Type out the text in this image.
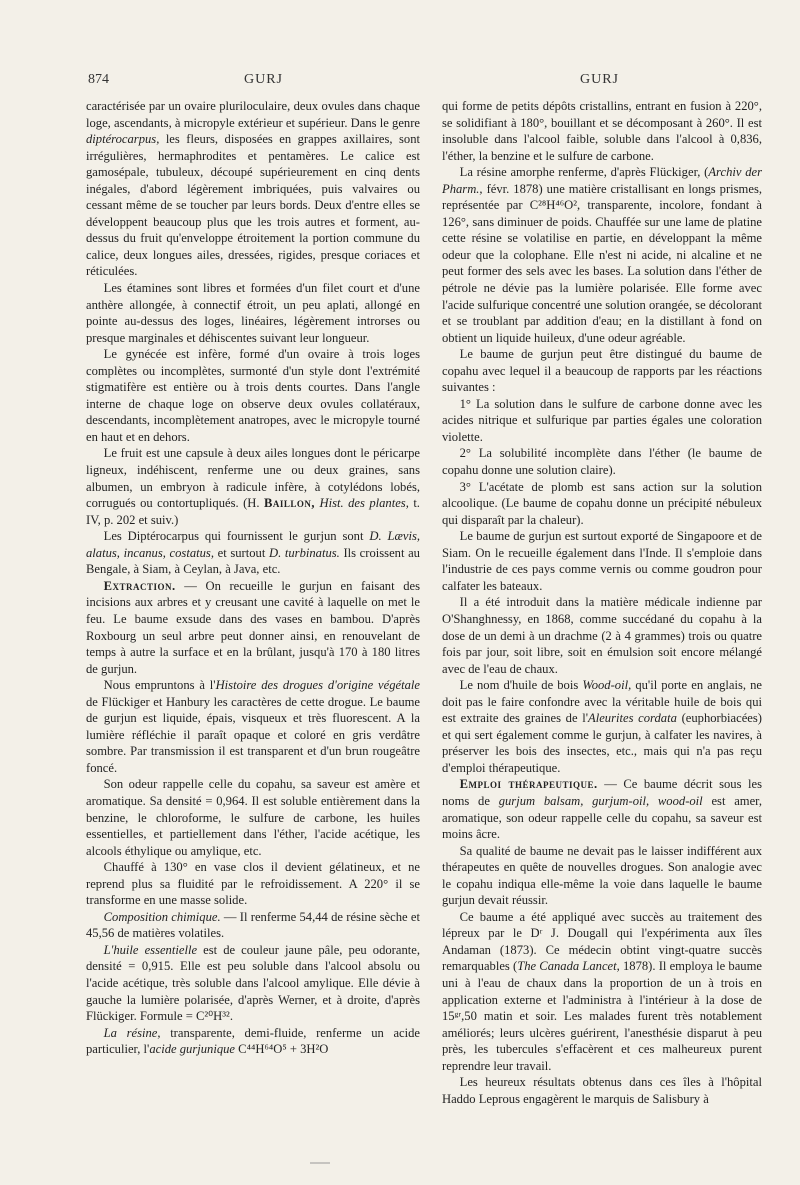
874	GURJ	GURJ

caractérisée par un ovaire pluriloculaire, deux ovules dans chaque loge, ascendants, à micropyle extérieur et supérieur. Dans le genre diptérocarpus, les fleurs, disposées en grappes axillaires, sont irrégulières, hermaphrodites et pentamères. Le calice est gamosépale, tubuleux, découpé supérieurement en cinq dents inégales, d'abord légèrement imbriquées, puis valvaires ou cessant même de se toucher par leurs bords. Deux d'entre elles se développent beaucoup plus que les trois autres et forment, au-dessus du fruit qu'enveloppe étroitement la portion commune du calice, deux longues ailes, dressées, rigides, presque coriaces et réticulées.

Les étamines sont libres et formées d'un filet court et d'une anthère allongée, à connectif étroit, un peu aplati, allongé en pointe au-dessus des loges, linéaires, légèrement introrses ou presque marginales et déhiscentes suivant leur longueur.

Le gynécée est infère, formé d'un ovaire à trois loges complètes ou incomplètes, surmonté d'un style dont l'extrémité stigmatifère est entière ou à trois dents courtes. Dans l'angle interne de chaque loge on observe deux ovules collatéraux, descendants, incomplètement anatropes, avec le micropyle tourné en haut et en dehors.

Le fruit est une capsule à deux ailes longues dont le péricarpe ligneux, indéhiscent, renferme une ou deux graines, sans albumen, un embryon à radicule infère, à cotylédons lobés, corrugués ou contortupliqués. (H. Baillon, Hist. des plantes, t. IV, p. 202 et suiv.)

Les Diptérocarpus qui fournissent le gurjun sont D. Lævis, alatus, incanus, costatus, et surtout D. turbinatus. Ils croissent au Bengale, à Siam, à Ceylan, à Java, etc.

Extraction. — On recueille le gurjun en faisant des incisions aux arbres et y creusant une cavité à laquelle on met le feu. Le baume exsude dans des vases en bambou. D'après Roxbourg un seul arbre peut donner ainsi, en renouvelant de temps à autre la surface et en la brûlant, jusqu'à 170 à 180 litres de gurjun.

Nous empruntons à l'Histoire des drogues d'origine végétale de Flückiger et Hanbury les caractères de cette drogue. Le baume de gurjun est liquide, épais, visqueux et très fluorescent. A la lumière réfléchie il paraît opaque et coloré en gris verdâtre sombre. Par transmission il est transparent et d'un brun rougeâtre foncé.

Son odeur rappelle celle du copahu, sa saveur est amère et aromatique. Sa densité = 0,964. Il est soluble entièrement dans la benzine, le chloroforme, le sulfure de carbone, les huiles essentielles, et partiellement dans l'éther, l'acide acétique, les alcools éthylique ou amylique, etc.

Chauffé à 130° en vase clos il devient gélatineux, et ne reprend plus sa fluidité par le refroidissement. A 220° il se transforme en une masse solide.

Composition chimique. — Il renferme 54,44 de résine sèche et 45,56 de matières volatiles.

L'huile essentielle est de couleur jaune pâle, peu odorante, densité = 0,915. Elle est peu soluble dans l'alcool absolu ou l'acide acétique, très soluble dans l'alcool amylique. Elle dévie à gauche la lumière polarisée, d'après Werner, et à droite, d'après Flückiger. Formule = C²⁰H³².

La résine, transparente, demi-fluide, renferme un acide particulier, l'acide gurjunique C⁴⁴H⁶⁴O⁵ + 3H²O

qui forme de petits dépôts cristallins, entrant en fusion à 220°, se solidifiant à 180°, bouillant et se décomposant à 260°. Il est insoluble dans l'alcool faible, soluble dans l'alcool à 0,836, l'éther, la benzine et le sulfure de carbone.

La résine amorphe renferme, d'après Flückiger, (Archiv der Pharm., févr. 1878) une matière cristallisant en longs prismes, représentée par C²⁸H⁴⁶O², transparente, incolore, fondant à 126°, sans diminuer de poids. Chauffée sur une lame de platine cette résine se volatilise en partie, en développant la même odeur que la colophane. Elle n'est ni acide, ni alcaline et ne peut former des sels avec les bases. La solution dans l'éther de pétrole ne dévie pas la lumière polarisée. Elle forme avec l'acide sulfurique concentré une solution orangée, se décolorant et se troublant par addition d'eau; en la distillant à fond on obtient un liquide huileux, d'une odeur agréable.

Le baume de gurjun peut être distingué du baume de copahu avec lequel il a beaucoup de rapports par les réactions suivantes :

1° La solution dans le sulfure de carbone donne avec les acides nitrique et sulfurique par parties égales une coloration violette.

2° La solubilité incomplète dans l'éther (le baume de copahu donne une solution claire).

3° L'acétate de plomb est sans action sur la solution alcoolique. (Le baume de copahu donne un précipité nébuleux qui disparaît par la chaleur).

Le baume de gurjun est surtout exporté de Singapoore et de Siam. On le recueille également dans l'Inde. Il s'emploie dans l'industrie de ces pays comme vernis ou comme goudron pour calfater les bateaux.

Il a été introduit dans la matière médicale indienne par O'Shanghnessy, en 1868, comme succédané du copahu à la dose de un demi à un drachme (2 à 4 grammes) trois ou quatre fois par jour, soit libre, soit en émulsion soit encore mélangé avec de l'eau de chaux.

Le nom d'huile de bois Wood-oil, qu'il porte en anglais, ne doit pas le faire confondre avec la véritable huile de bois qui est extraite des graines de l'Aleurites cordata (euphorbiacées) et qui sert également comme le gurjun, à calfater les navires, à préserver les bois des insectes, etc., mais qui n'a pas reçu d'emploi thérapeutique.

Emploi thérapeutique. — Ce baume décrit sous les noms de gurjum balsam, gurjum-oil, wood-oil est amer, aromatique, son odeur rappelle celle du copahu, sa saveur est moins âcre.

Sa qualité de baume ne devait pas le laisser indifférent aux thérapeutes en quête de nouvelles drogues. Son analogie avec le copahu indiqua elle-même la voie dans laquelle le baume gurjun devait réussir.

Ce baume a été appliqué avec succès au traitement des lépreux par le Dʳ J. Dougall qui l'expérimenta aux îles Andaman (1873). Ce médecin obtint vingt-quatre succès remarquables (The Canada Lancet, 1878). Il employa le baume uni à l'eau de chaux dans la proportion de un à trois en application externe et l'administra à l'intérieur à la dose de 15ᵍʳ,50 matin et soir. Les malades furent très notablement améliorés; leurs ulcères guérirent, l'anesthésie disparut à peu près, les tubercules s'effacèrent et ces malheureux purent reprendre leur travail.

Les heureux résultats obtenus dans ces îles à l'hôpital Haddo Leprous engagèrent le marquis de Salisbury à
